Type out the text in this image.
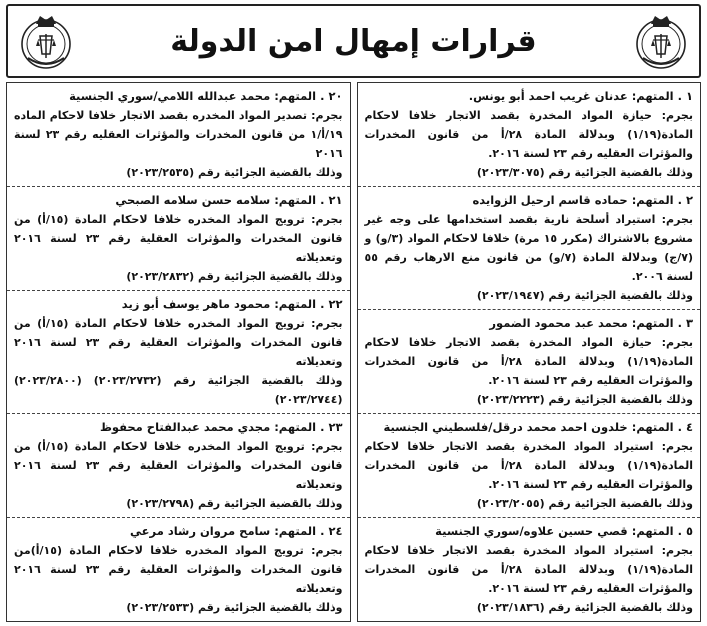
قرارات إمهال امن الدولة
١ . المتهم: عدنان غريب احمد أبو يونس.
بجرم: حيازة المواد المخدرة بقصد الاتجار خلافا لاحكام المادة(١/١٩) وبدلالة المادة ٢٨/أ من قانون المخدرات والمؤثرات العقليه رقم ٢٣ لسنة ٢٠١٦.
وذلك بالقضية الجزائية رقم (٢٠٢٣/٣٠٧٥)
٢ . المتهم: حماده قاسم ارحيل الزوايده
بجرم: استيراد أسلحة نارية بقصد استخدامها على وجه غير مشروع بالاشتراك (مكرر ١٥ مرة) خلافا لاحكام المواد (٣/و) و (٧/ج) وبدلالة المادة (٧/و) من قانون منع الارهاب رقم ٥٥ لسنة ٢٠٠٦.
وذلك بالقضية الجزائية رقم (٢٠٢٣/١٩٤٧)
٣ . المتهم: محمد عبد محمود الضمور
بجرم: حيازة المواد المخدرة بقصد الاتجار خلافا لاحكام المادة(١/١٩) وبدلالة المادة ٢٨/أ من قانون المخدرات والمؤثرات العقليه رقم ٢٣ لسنة ٢٠١٦.
وذلك بالقضية الجزائية رقم (٢٠٢٣/٢٢٢٣)
٤ . المتهم: خلدون احمد محمد درقل/فلسطيني الجنسية
بجرم: استيراد المواد المخدرة بقصد الاتجار خلافا لاحكام المادة(١/١٩) وبدلالة المادة ٢٨/أ من قانون المخدرات والمؤثرات العقليه رقم ٢٣ لسنة ٢٠١٦.
وذلك بالقضية الجزائية رقم (٢٠٢٣/٢٠٥٥)
٥ . المتهم: قصي حسين علاوه/سوري الجنسية
بجرم: استيراد المواد المخدرة بقصد الاتجار خلافا لاحكام المادة(١/١٩) وبدلالة المادة ٢٨/أ من قانون المخدرات والمؤثرات العقليه رقم ٢٣ لسنة ٢٠١٦.
وذلك بالقضية الجزائية رقم (٢٠٢٣/١٨٣٦)
٢٠ . المتهم: محمد عبدالله اللامي/سوري الجنسية
بجرم: تصدير المواد المخدره بقصد الاتجار خلافا لاحكام الماده ١٩/أ/١ من قانون المخدرات والمؤثرات العقليه رقم ٢٣ لسنة ٢٠١٦
وذلك بالقضية الجزائية رقم (٢٠٢٣/٢٥٣٥)
٢١ . المتهم: سلامه حسن سلامه الصبحي
بجرم: ترويج المواد المخدره خلافا لاحكام المادة (١٥/أ) من قانون المخدرات والمؤثرات العقلية رقم ٢٣ لسنة ٢٠١٦ وتعديلاته
وذلك بالقضية الجزائية رقم (٢٠٢٣/٢٨٣٢)
٢٢ . المتهم: محمود ماهر يوسف أبو زيد
بجرم: ترويج المواد المخدره خلافا لاحكام المادة (١٥/أ) من قانون المخدرات والمؤثرات العقلية رقم ٢٣ لسنة ٢٠١٦ وتعديلاته
وذلك بالقضية الجزائية رقم (٢٠٢٣/٢٧٣٢) (٢٠٢٣/٢٨٠٠) (٢٠٢٣/٢٧٤٤)
٢٣ . المتهم: مجدي محمد عبدالفتاح محفوظ
بجرم: ترويج المواد المخدره خلافا لاحكام المادة (١٥/أ) من قانون المخدرات والمؤثرات العقلية رقم ٢٣ لسنة ٢٠١٦ وتعديلاته
وذلك بالقضية الجزائية رقم (٢٠٢٣/٢٧٩٨)
٢٤ . المتهم: سامح مروان رشاد مرعي
بجرم: ترويج المواد المخدره خلافا لاحكام المادة (١٥/أ)من قانون المخدرات والمؤثرات العقلية رقم ٢٣ لسنة ٢٠١٦ وتعديلاته
وذلك بالقضية الجزائية رقم (٢٠٢٣/٢٥٣٣)
